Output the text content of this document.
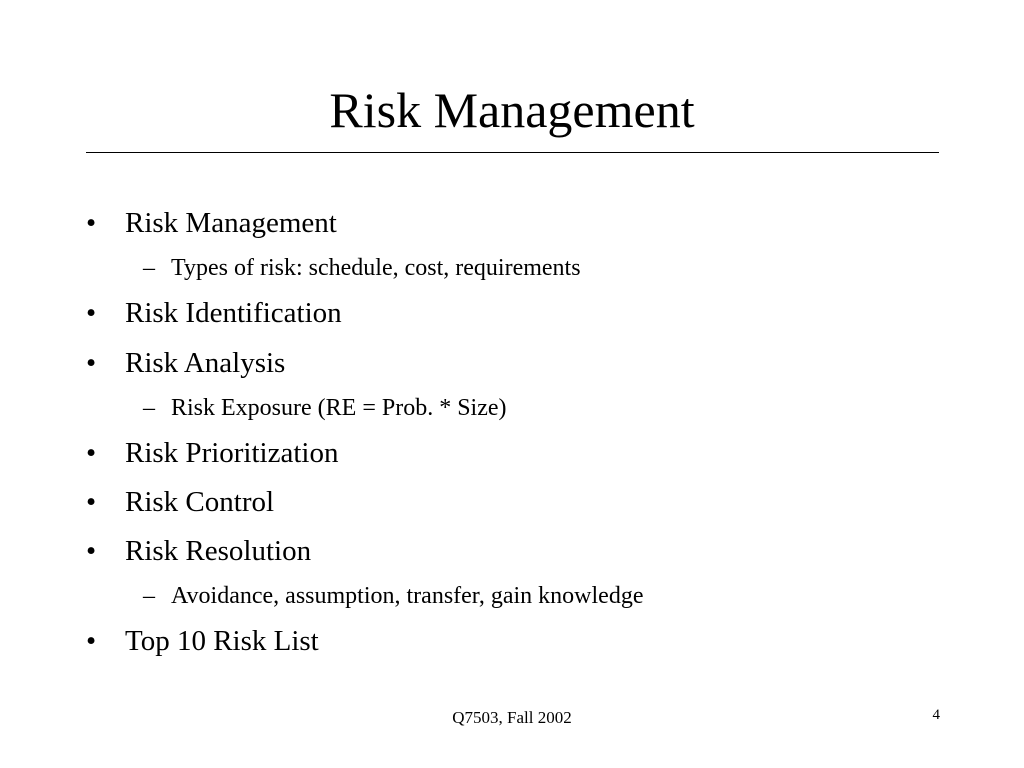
Risk Management
• Risk Management
– Types of risk: schedule, cost, requirements
• Risk Identification
• Risk Analysis
– Risk Exposure (RE = Prob. * Size)
• Risk Prioritization
• Risk Control
• Risk Resolution
– Avoidance, assumption, transfer, gain knowledge
• Top 10 Risk List
Q7503, Fall 2002	4
